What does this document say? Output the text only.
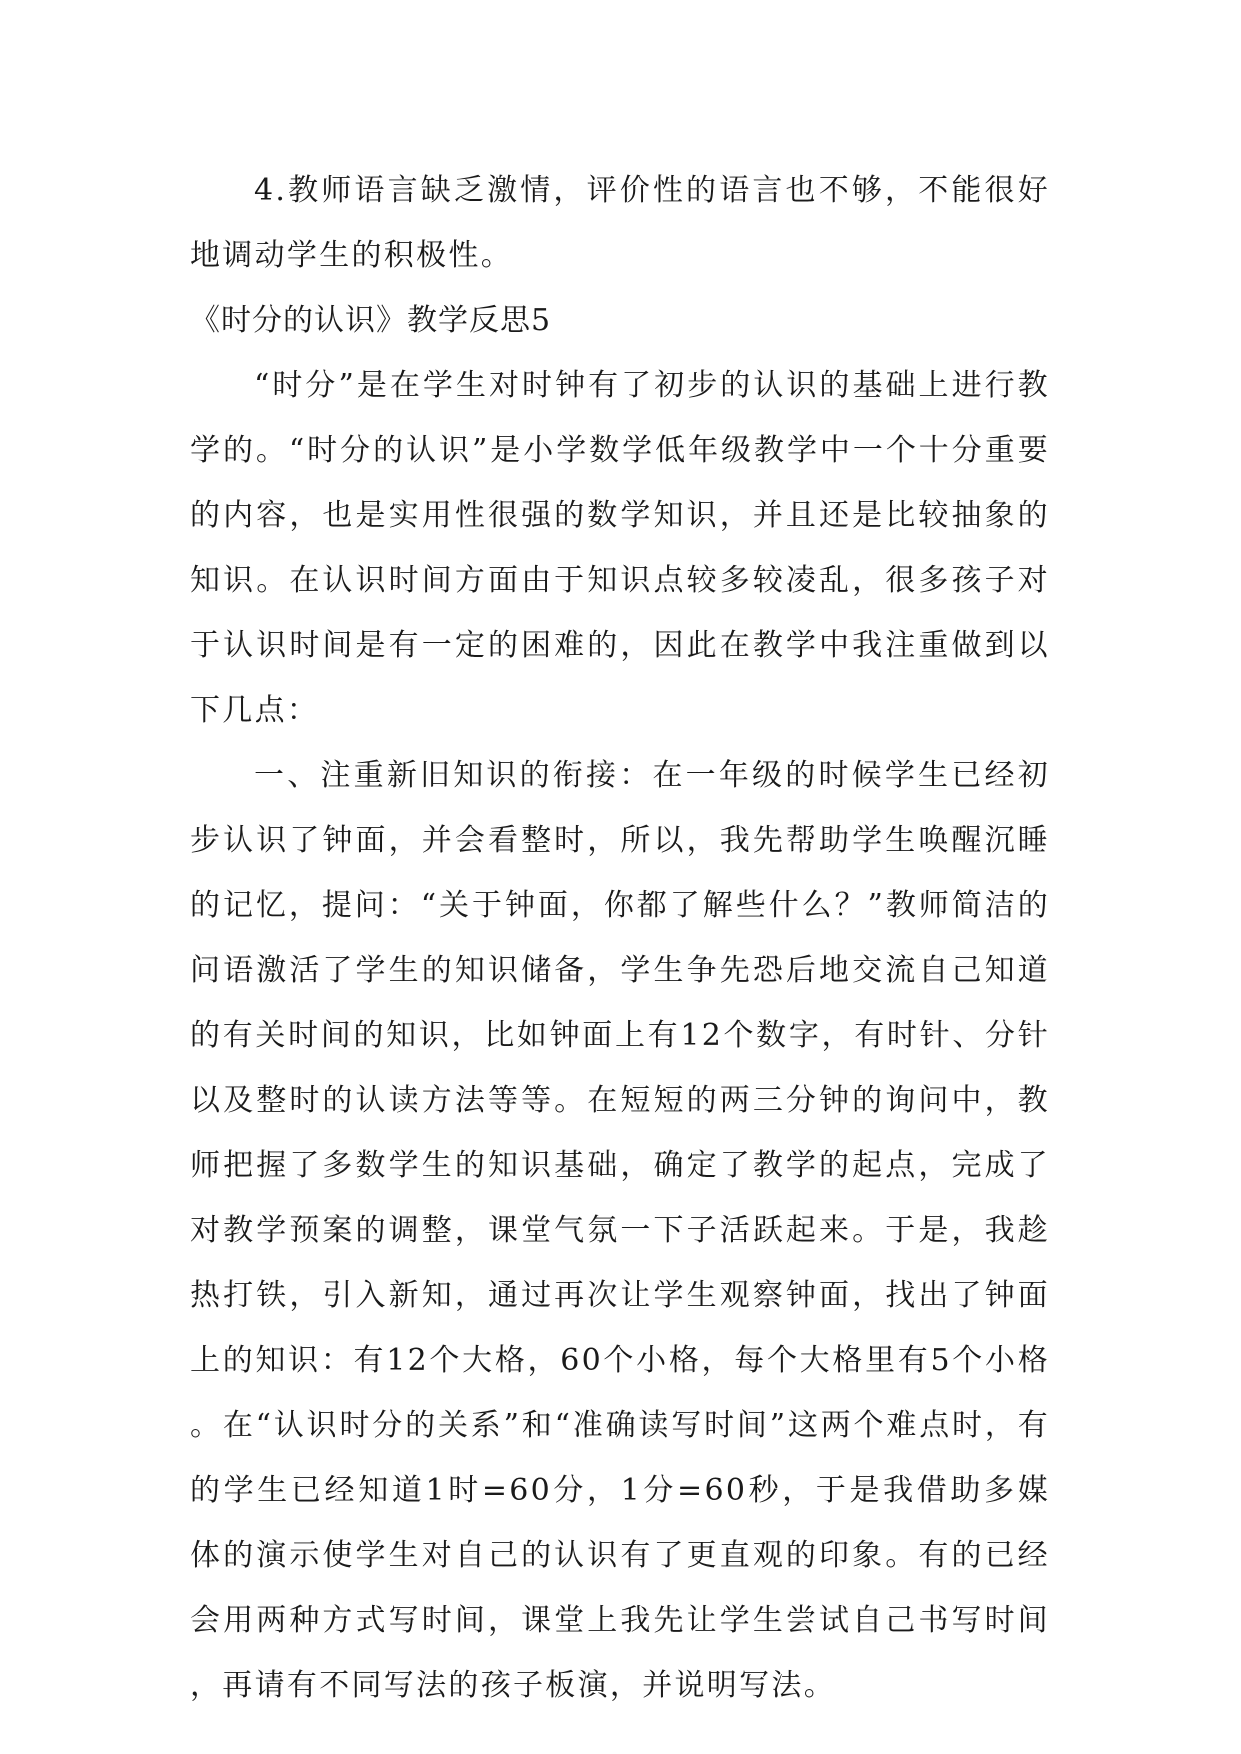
4.教师语言缺乏激情，评价性的语言也不够，不能很好地调动学生的积极性。

《时分的认识》教学反思5

“时分”是在学生对时钟有了初步的认识的基础上进行教学的。“时分的认识”是小学数学低年级教学中一个十分重要的内容，也是实用性很强的数学知识，并且还是比较抽象的知识。在认识时间方面由于知识点较多较凌乱，很多孩子对于认识时间是有一定的困难的，因此在教学中我注重做到以下几点：

一、注重新旧知识的衔接：在一年级的时候学生已经初步认识了钟面，并会看整时，所以，我先帮助学生唤醒沉睡的记忆，提问：“关于钟面，你都了解些什么？”教师简洁的问语激活了学生的知识储备，学生争先恐后地交流自己知道的有关时间的知识，比如钟面上有12个数字，有时针、分针以及整时的认读方法等等。在短短的两三分钟的询问中，教师把握了多数学生的知识基础，确定了教学的起点，完成了对教学预案的调整，课堂气氛一下子活跃起来。于是，我趁热打铁，引入新知，通过再次让学生观察钟面，找出了钟面上的知识：有12个大格，60个小格，每个大格里有5个小格。在“认识时分的关系”和“准确读写时间”这两个难点时，有的学生已经知道1时=60分，1分=60秒，于是我借助多媒体的演示使学生对自己的认识有了更直观的印象。有的已经会用两种方式写时间，课堂上我先让学生尝试自己书写时间，再请有不同写法的孩子板演，并说明写法。
